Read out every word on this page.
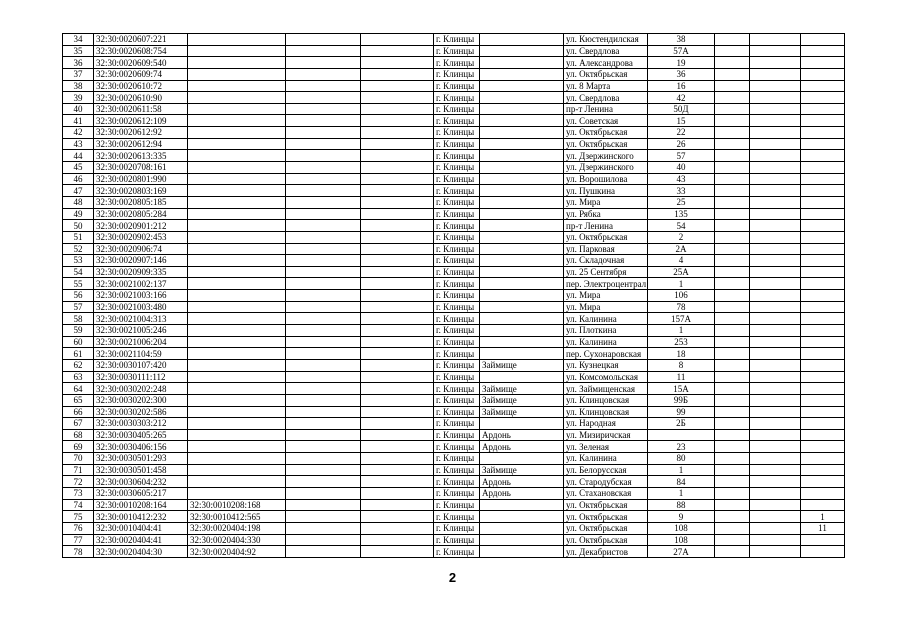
34	32:30:0020607:221				г. Клинцы		ул. Кюстендилская	38			
35	32:30:0020608:754				г. Клинцы		ул. Свердлова	57А			
36	32:30:0020609:540				г. Клинцы		ул. Александрова	19			
37	32:30:0020609:74				г. Клинцы		ул. Октябрьская	36			
38	32:30:0020610:72				г. Клинцы		ул. 8 Марта	16			
39	32:30:0020610:90				г. Клинцы		ул. Свердлова	42			
40	32:30:0020611:58				г. Клинцы		пр-т Ленина	50Д			
41	32:30:0020612:109				г. Клинцы		ул. Советская	15			
42	32:30:0020612:92				г. Клинцы		ул. Октябрьская	22			
43	32:30:0020612:94				г. Клинцы		ул. Октябрьская	26			
44	32:30:0020613:335				г. Клинцы		ул. Дзержинского	57			
45	32:30:0020708:161				г. Клинцы		ул. Дзержинского	40			
46	32:30:0020801:990				г. Клинцы		ул. Ворошилова	43			
47	32:30:0020803:169				г. Клинцы		ул. Пушкина	33			
48	32:30:0020805:185				г. Клинцы		ул. Мира	25			
49	32:30:0020805:284				г. Клинцы		ул. Рябка	135			
50	32:30:0020901:212				г. Клинцы		пр-т Ленина	54			
51	32:30:0020902:453				г. Клинцы		ул. Октябрьская	2			
52	32:30:0020906:74				г. Клинцы		ул. Парковая	2А			
53	32:30:0020907:146				г. Клинцы		ул. Складочная	4			
54	32:30:0020909:335				г. Клинцы		ул. 25 Сентября	25А			
55	32:30:0021002:137				г. Клинцы		пер. Электроцентрал	1			
56	32:30:0021003:166				г. Клинцы		ул. Мира	106			
57	32:30:0021003:480				г. Клинцы		ул. Мира	78			
58	32:30:0021004:313				г. Клинцы		ул. Калинина	157А			
59	32:30:0021005:246				г. Клинцы		ул. Плоткина	1			
60	32:30:0021006:204				г. Клинцы		ул. Калинина	253			
61	32:30:0021104:59				г. Клинцы		пер. Сухонаровская	18			
62	32:30:0030107:420				г. Клинцы	Займище	ул. Кузнецкая	8			
63	32:30:0030111:112				г. Клинцы		ул. Комсомольская	11			
64	32:30:0030202:248				г. Клинцы	Займище	ул. Займищенская	15А			
65	32:30:0030202:300				г. Клинцы	Займище	ул. Клинцовская	99Б			
66	32:30:0030202:586				г. Клинцы	Займище	ул. Клинцовская	99			
67	32:30:0030303:212				г. Клинцы		ул. Народная	2Б			
68	32:30:0030405:265				г. Клинцы	Ардонь	ул. Мизиричская				
69	32:30:0030406:156				г. Клинцы	Ардонь	ул. Зеленая	23			
70	32:30:0030501:293				г. Клинцы		ул. Калинина	80			
71	32:30:0030501:458				г. Клинцы	Займище	ул. Белорусская	1			
72	32:30:0030604:232				г. Клинцы	Ардонь	ул. Стародубская	84			
73	32:30:0030605:217				г. Клинцы	Ардонь	ул. Стахановская	1			
74	32:30:0010208:164	32:30:0010208:168			г. Клинцы		ул. Октябрьская	88			
75	32:30:0010412:232	32:30:0010412:565			г. Клинцы		ул. Октябрьская	9			1
76	32:30:0010404:41	32:30:0020404:198			г. Клинцы		ул. Октябрьская	108			11
77	32:30:0020404:41	32:30:0020404:330			г. Клинцы		ул. Октябрьская	108			
78	32:30:0020404:30	32:30:0020404:92			г. Клинцы		ул. Декабристов	27А			
2
